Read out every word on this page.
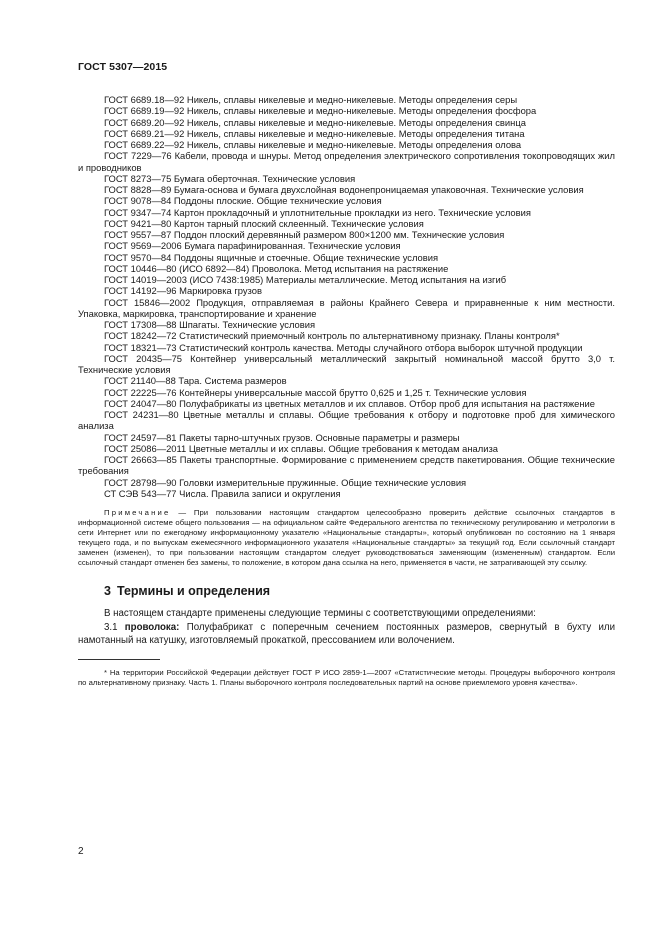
ГОСТ 5307—2015
ГОСТ 6689.18—92 Никель, сплавы никелевые и медно-никелевые. Методы определения серы
ГОСТ 6689.19—92 Никель, сплавы никелевые и медно-никелевые. Методы определения фосфора
ГОСТ 6689.20—92 Никель, сплавы никелевые и медно-никелевые. Методы определения свинца
ГОСТ 6689.21—92 Никель, сплавы никелевые и медно-никелевые. Методы определения титана
ГОСТ 6689.22—92 Никель, сплавы никелевые и медно-никелевые. Методы определения олова
ГОСТ 7229—76 Кабели, провода и шнуры. Метод определения электрического сопротивления токопроводящих жил и проводников
ГОСТ 8273—75 Бумага оберточная. Технические условия
ГОСТ 8828—89 Бумага-основа и бумага двухслойная водонепроницаемая упаковочная. Технические условия
ГОСТ 9078—84 Поддоны плоские. Общие технические условия
ГОСТ 9347—74 Картон прокладочный и уплотнительные прокладки из него. Технические условия
ГОСТ 9421—80 Картон тарный плоский склеенный. Технические условия
ГОСТ 9557—87 Поддон плоский деревянный размером 800×1200 мм. Технические условия
ГОСТ 9569—2006 Бумага парафинированная. Технические условия
ГОСТ 9570—84 Поддоны ящичные и стоечные. Общие технические условия
ГОСТ 10446—80 (ИСО 6892—84) Проволока. Метод испытания на растяжение
ГОСТ 14019—2003 (ИСО 7438:1985) Материалы металлические. Метод испытания на изгиб
ГОСТ 14192—96 Маркировка грузов
ГОСТ 15846—2002 Продукция, отправляемая в районы Крайнего Севера и приравненные к ним местности. Упаковка, маркировка, транспортирование и хранение
ГОСТ 17308—88 Шпагаты. Технические условия
ГОСТ 18242—72 Статистический приемочный контроль по альтернативному признаку. Планы контроля*
ГОСТ 18321—73 Статистический контроль качества. Методы случайного отбора выборок штучной продукции
ГОСТ 20435—75 Контейнер универсальный металлический закрытый номинальной массой брутто 3,0 т. Технические условия
ГОСТ 21140—88 Тара. Система размеров
ГОСТ 22225—76 Контейнеры универсальные массой брутто 0,625 и 1,25 т. Технические условия
ГОСТ 24047—80 Полуфабрикаты из цветных металлов и их сплавов. Отбор проб для испытания на растяжение
ГОСТ 24231—80 Цветные металлы и сплавы. Общие требования к отбору и подготовке проб для химического анализа
ГОСТ 24597—81 Пакеты тарно-штучных грузов. Основные параметры и размеры
ГОСТ 25086—2011 Цветные металлы и их сплавы. Общие требования к методам анализа
ГОСТ 26663—85 Пакеты транспортные. Формирование с применением средств пакетирования. Общие технические требования
ГОСТ 28798—90 Головки измерительные пружинные. Общие технические условия
СТ СЭВ 543—77 Числа. Правила записи и округления
Примечание — При пользовании настоящим стандартом целесообразно проверить действие ссылочных стандартов в информационной системе общего пользования — на официальном сайте Федерального агентства по техническому регулированию и метрологии в сети Интернет или по ежегодному информационному указателю «Национальные стандарты», который опубликован по состоянию на 1 января текущего года, и по выпускам ежемесячного информационного указателя «Национальные стандарты» за текущий год. Если ссылочный стандарт заменен (изменен), то при пользовании настоящим стандартом следует руководствоваться заменяющим (измененным) стандартом. Если ссылочный стандарт отменен без замены, то положение, в котором дана ссылка на него, применяется в части, не затрагивающей эту ссылку.
3 Термины и определения
В настоящем стандарте применены следующие термины с соответствующими определениями:
3.1 проволока: Полуфабрикат с поперечным сечением постоянных размеров, свернутый в бухту или намотанный на катушку, изготовляемый прокаткой, прессованием или волочением.
* На территории Российской Федерации действует ГОСТ Р ИСО 2859-1—2007 «Статистические методы. Процедуры выборочного контроля по альтернативному признаку. Часть 1. Планы выборочного контроля последовательных партий на основе приемлемого уровня качества».
2
